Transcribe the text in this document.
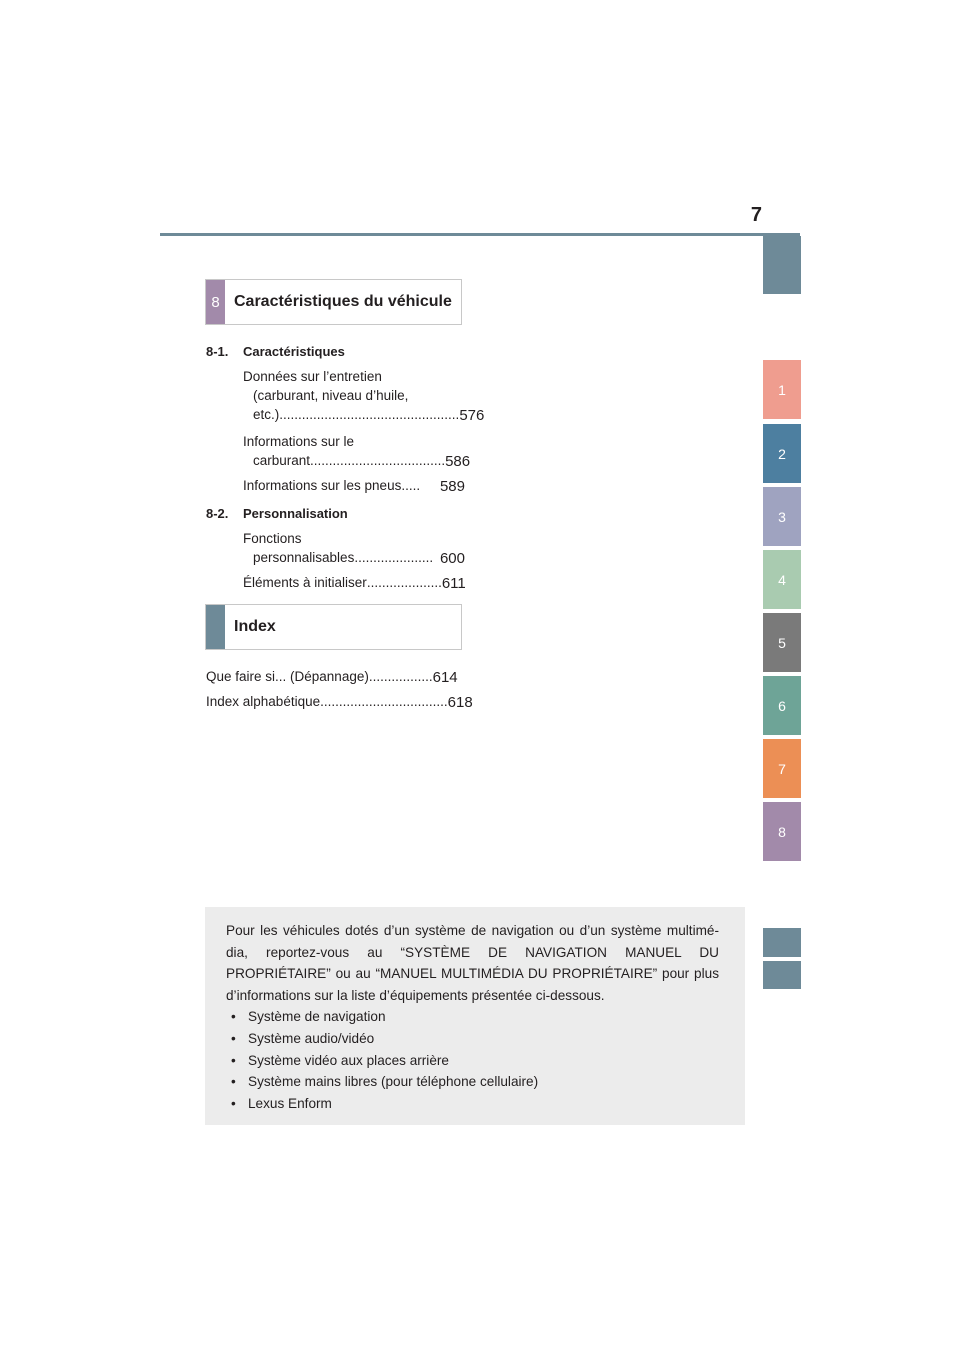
7
1
2
3
4
5
6
7
8
8 Caractéristiques du véhicule
8-1. Caractéristiques
Données sur l’entretien
(carburant, niveau d’huile,
etc.) ................................................ 576
Informations sur le
carburant .................................... 586
Informations sur les pneus .....	589
8-2. Personnalisation
Fonctions
personnalisables ..................... 600
Éléments à initialiser .................... 611
Index
Que faire si... (Dépannage) ................. 614
Index alphabétique .................................. 618
Pour les véhicules dotés d’un système de navigation ou d’un système multimé-dia, reportez-vous au “SYSTÈME DE NAVIGATION MANUEL DU PROPRIÉTAIRE” ou au “MANUEL MULTIMÉDIA DU PROPRIÉTAIRE” pour plus d’informations sur la liste d’équipements présentée ci-dessous.
• Système de navigation
• Système audio/vidéo
• Système vidéo aux places arrière
• Système mains libres (pour téléphone cellulaire)
• Lexus Enform
